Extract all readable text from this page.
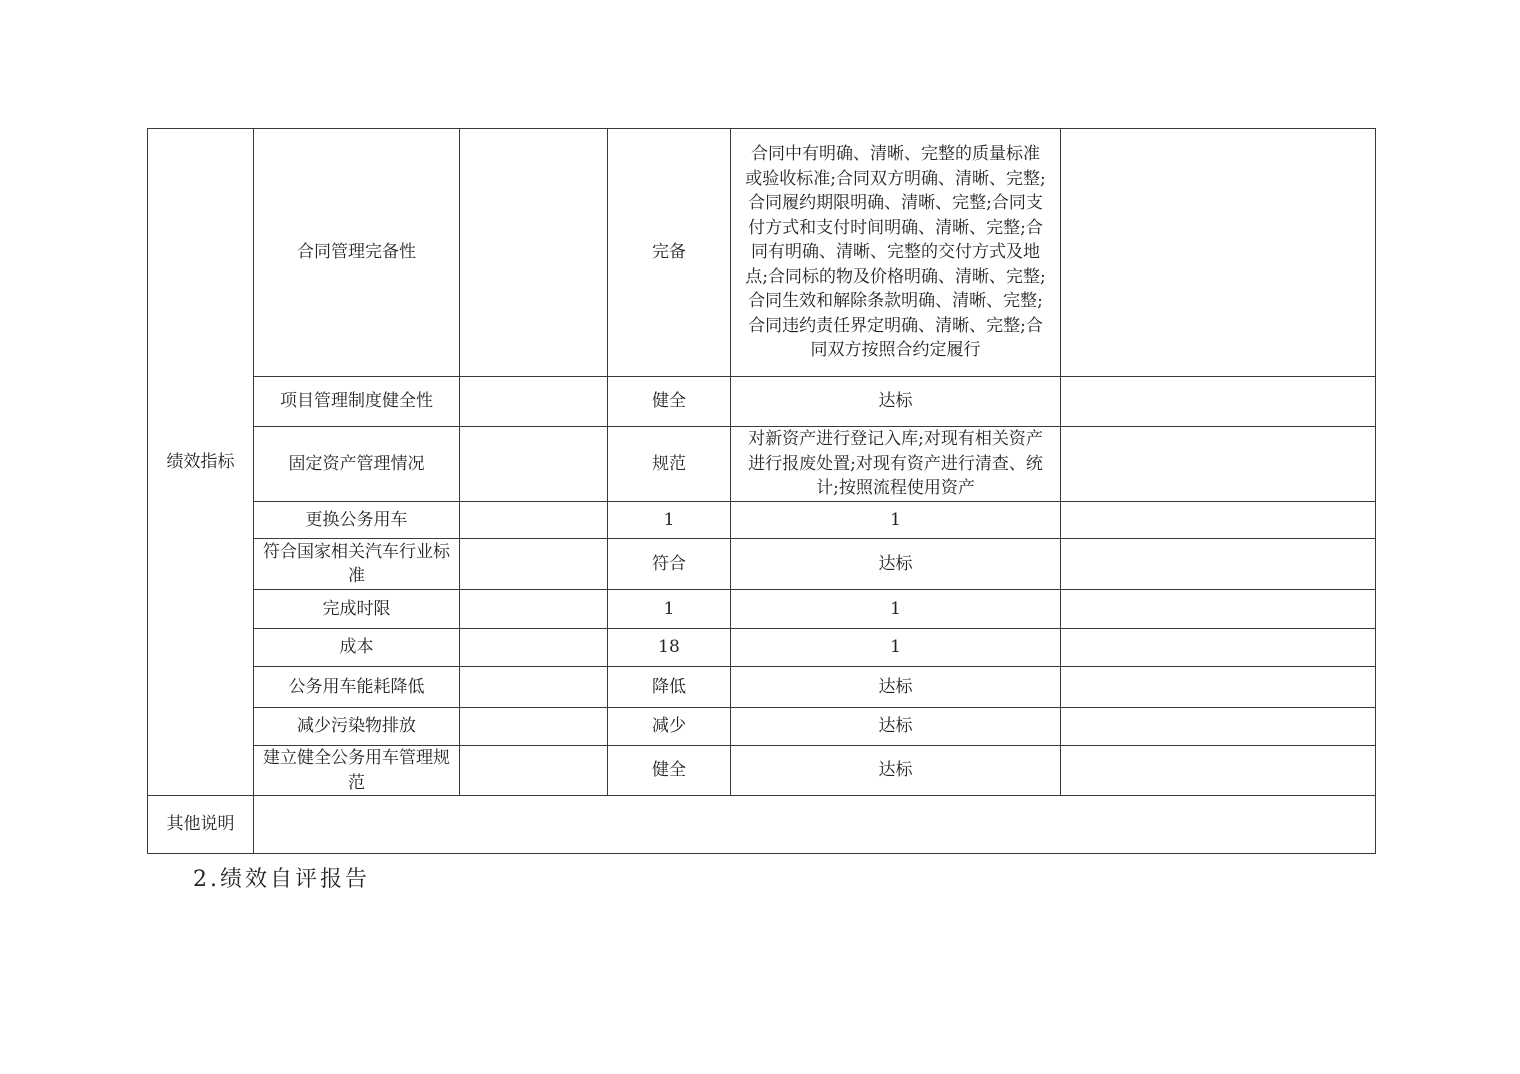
绩效指标	合同管理完备性		完备	合同中有明确、清晰、完整的质量标准或验收标准;合同双方明确、清晰、完整;合同履约期限明确、清晰、完整;合同支付方式和支付时间明确、清晰、完整;合同有明确、清晰、完整的交付方式及地点;合同标的物及价格明确、清晰、完整;合同生效和解除条款明确、清晰、完整;合同违约责任界定明确、清晰、完整;合同双方按照合约定履行	
	项目管理制度健全性		健全	达标	
	固定资产管理情况		规范	对新资产进行登记入库;对现有相关资产进行报废处置;对现有资产进行清查、统计;按照流程使用资产	
	更换公务用车		1	1	
	符合国家相关汽车行业标准		符合	达标	
	完成时限		1	1	
	成本		18	1	
	公务用车能耗降低		降低	达标	
	减少污染物排放		减少	达标	
	建立健全公务用车管理规范		健全	达标	
其他说明					
2.绩效自评报告
